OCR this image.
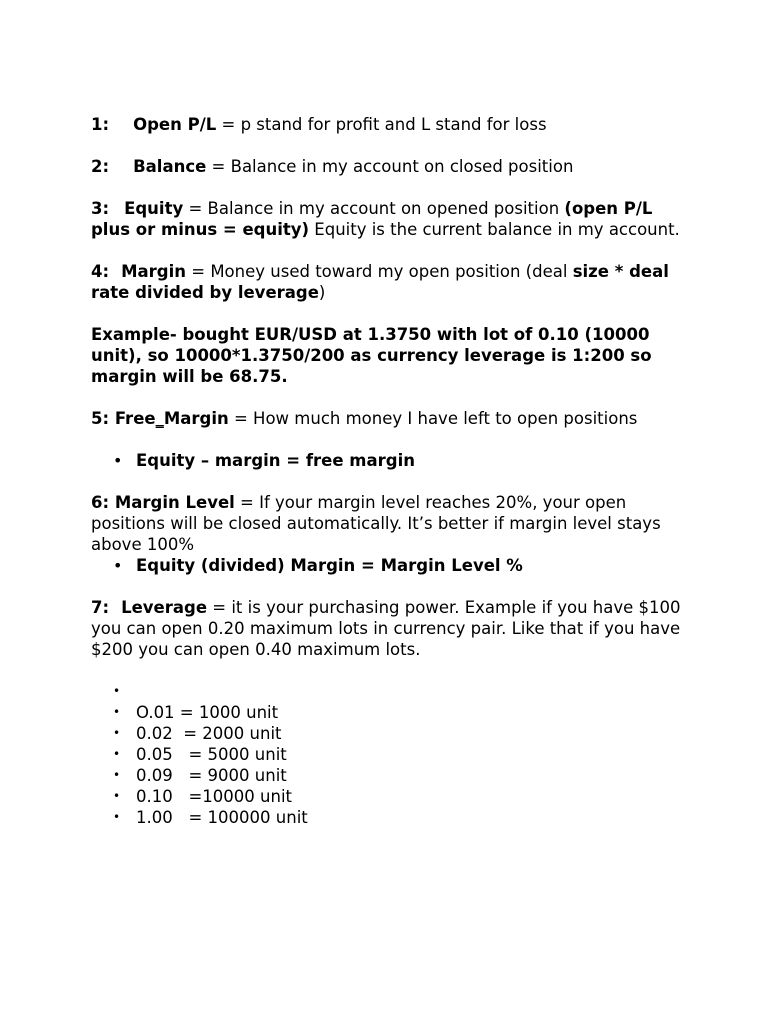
1: Open P/L = p stand for profit and L stand for loss
2: Balance = Balance in my account on closed position
3: Equity = Balance in my account on opened position (open P/L plus or minus = equity) Equity is the current balance in my account.
4: Margin = Money used toward my open position (deal size * deal rate divided by leverage)
Example- bought EUR/USD at 1.3750 with lot of 0.10 (10000 unit), so 10000*1.3750/200 as currency leverage is 1:200 so margin will be 68.75.
5: Free_Margin = How much money I have left to open positions
• Equity – margin = free margin
6: Margin Level = If your margin level reaches 20%, your open positions will be closed automatically. It’s better if margin level stays above 100%
• Equity (divided) Margin = Margin Level %
7: Leverage = it is your purchasing power. Example if you have $100 you can open 0.20 maximum lots in currency pair. Like that if you have $200 you can open 0.40 maximum lots.
•
• O.01 = 1000 unit
• 0.02  = 2000 unit
• 0.05   = 5000 unit
• 0.09   = 9000 unit
• 0.10   =10000 unit
• 1.00   = 100000 unit
